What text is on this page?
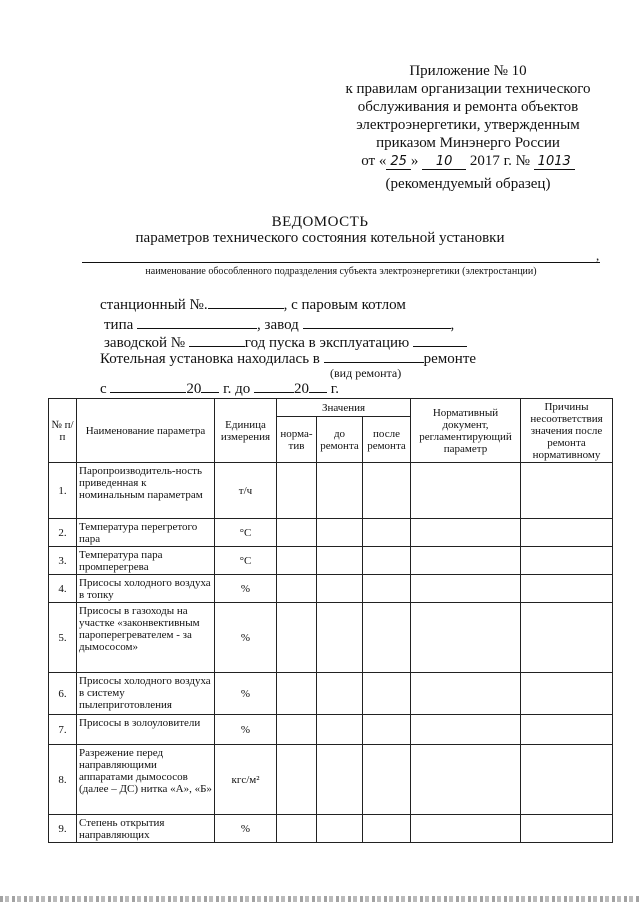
Приложение № 10
к правилам организации технического
обслуживания и ремонта объектов
электроэнергетики, утвержденным
приказом Минэнерго России
от « 25 » 10 2017 г. № 1013
(рекомендуемый образец)
ВЕДОМОСТЬ
параметров технического состояния котельной установки
,
наименование обособленного подразделения субъекта электроэнергетики (электростанции)
станционный №.	, с паровым котлом
типа	, завод	,
заводской №	год пуска в эксплуатацию
Котельная установка находилась в	ремонте
(вид ремонта)
с	20 г. до	20 г.
№ п/п	Наименование параметра	Единица измерения	Значения			Нормативный документ, регламентирующий параметр	Причины несоответствия значения после ремонта нормативному
			норма-тив	до ремонта	после ремонта		
1.	Паропроизводитель-ность приведенная к номинальным параметрам	т/ч					
2.	Температура перегретого пара	°С					
3.	Температура пара промперегрева	°С					
4.	Присосы холодного воздуха в топку	%					
5.	Присосы в газоходы на участке «законвективным пароперегревателем - за дымососом»	%					
6.	Присосы холодного воздуха в систему пылеприготовления	%					
7.	Присосы в золоуловители	%					
8.	Разрежение перед направляющими аппаратами дымососов (далее – ДС) нитка «А», «Б»	кгс/м²					
9.	Степень открытия направляющих	%					
